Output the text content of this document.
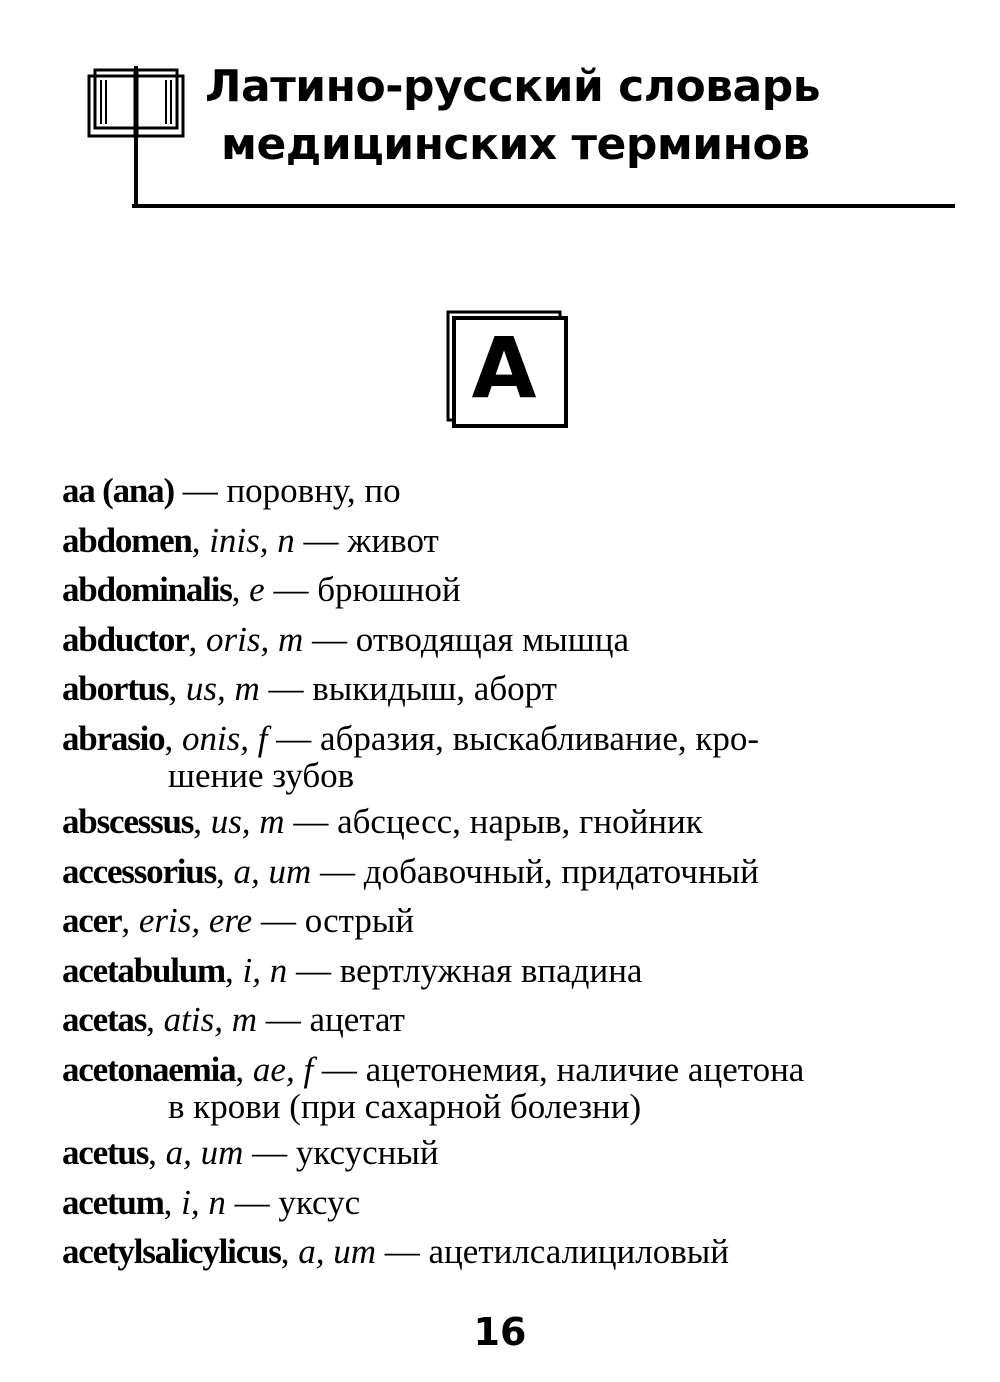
Латино-русский словарь
медицинских терминов
A
aa (ana) — поровну, по
abdomen, inis, n — живот
abdominalis, e — брюшной
abductor, oris, m — отводящая мышца
abortus, us, m — выкидыш, аборт
abrasio, onis, f — абразия, выскабливание, кро-
шение зубов
abscessus, us, m — абсцесс, нарыв, гнойник
accessorius, a, um — добавочный, придаточный
acer, eris, ere — острый
acetabulum, i, n — вертлужная впадина
acetas, atis, m — ацетат
acetonaemia, ae, f — ацетонемия, наличие ацетона
в крови (при сахарной болезни)
acetus, a, um — уксусный
acetum, i, n — уксус
acetylsalicylicus, a, um — ацетилсалициловый
16
